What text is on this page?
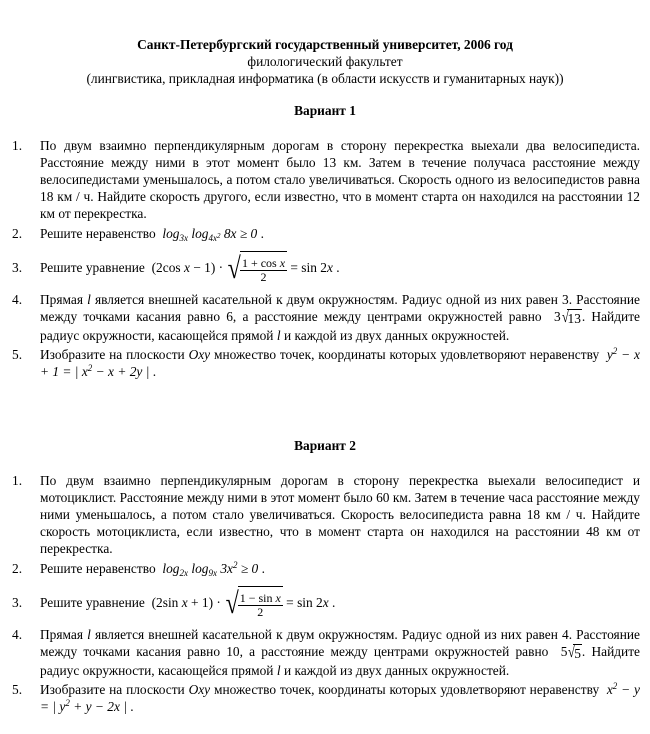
Санкт-Петербургский государственный университет, 2006 год
филологический факультет
(лингвистика, прикладная информатика (в области искусств и гуманитарных наук))
Вариант 1
1. По двум взаимно перпендикулярным дорогам в сторону перекрестка выехали два велосипедиста. Расстояние между ними в этот момент было 13 км. Затем в течение получаса расстояние между велосипедистами уменьшалось, а потом стало увеличиваться. Скорость одного из велосипедистов равна 18 км / ч. Найдите скорость другого, если известно, что в момент старта он находился на расстоянии 12 км от перекрестка.
2. Решите неравенство  $\log_{3x} \log_{4x^2} 8x \ge 0$ .
3. Решите уравнение  (2cos x − 1) · √
$\frac{\text{1 + cos x}}{2} = \sin 2x$ .
4. Прямая l является внешней касательной к двум окружностям. Радиус одной из них равен 3. Расстояние между точками касания равно 6, а расстояние между центрами окружностей равно 3√13. Найдите радиус окружности, касающейся прямой l и каждой из двух данных окружностей.
5. Изобразите на плоскости Oxy множество точек, координаты которых удовлетворяют неравенству  $y^2 - x + 1$ = | $x^2 - x + 2y$ | .
Вариант 2
1. По двум взаимно перпендикулярным дорогам в сторону перекрестка выехали велосипедист и мотоциклист. Расстояние между ними в этот момент было 60 км. Затем в течение часа расстояние между ними уменьшалось, а потом стало увеличиваться. Скорость велосипедиста равна 18 км / ч. Найдите скорость мотоциклиста, если известно, что в момент старта он находился на расстоянии 48 км от перекрестка.
2. Решите неравенство  $\log_{2x} \log_{9x} 3x^2 \ge 0$ .
3. Решите уравнение  (2sin x + 1) · √
$\frac{\text{1 − sin x}}{2} = \sin 2x$ .
4. Прямая l является внешней касательной к двум окружностям. Радиус одной из них равен 4. Расстояние между точками касания равно 10, а расстояние между центрами окружностей равно 5√5. Найдите радиус окружности, касающейся прямой l и каждой из двух данных окружностей.
5. Изобразите на плоскости Oxy множество точек, координаты которых удовлетворяют неравенству  $x^2 - y$ = | $y^2 + y - 2x$ | .
